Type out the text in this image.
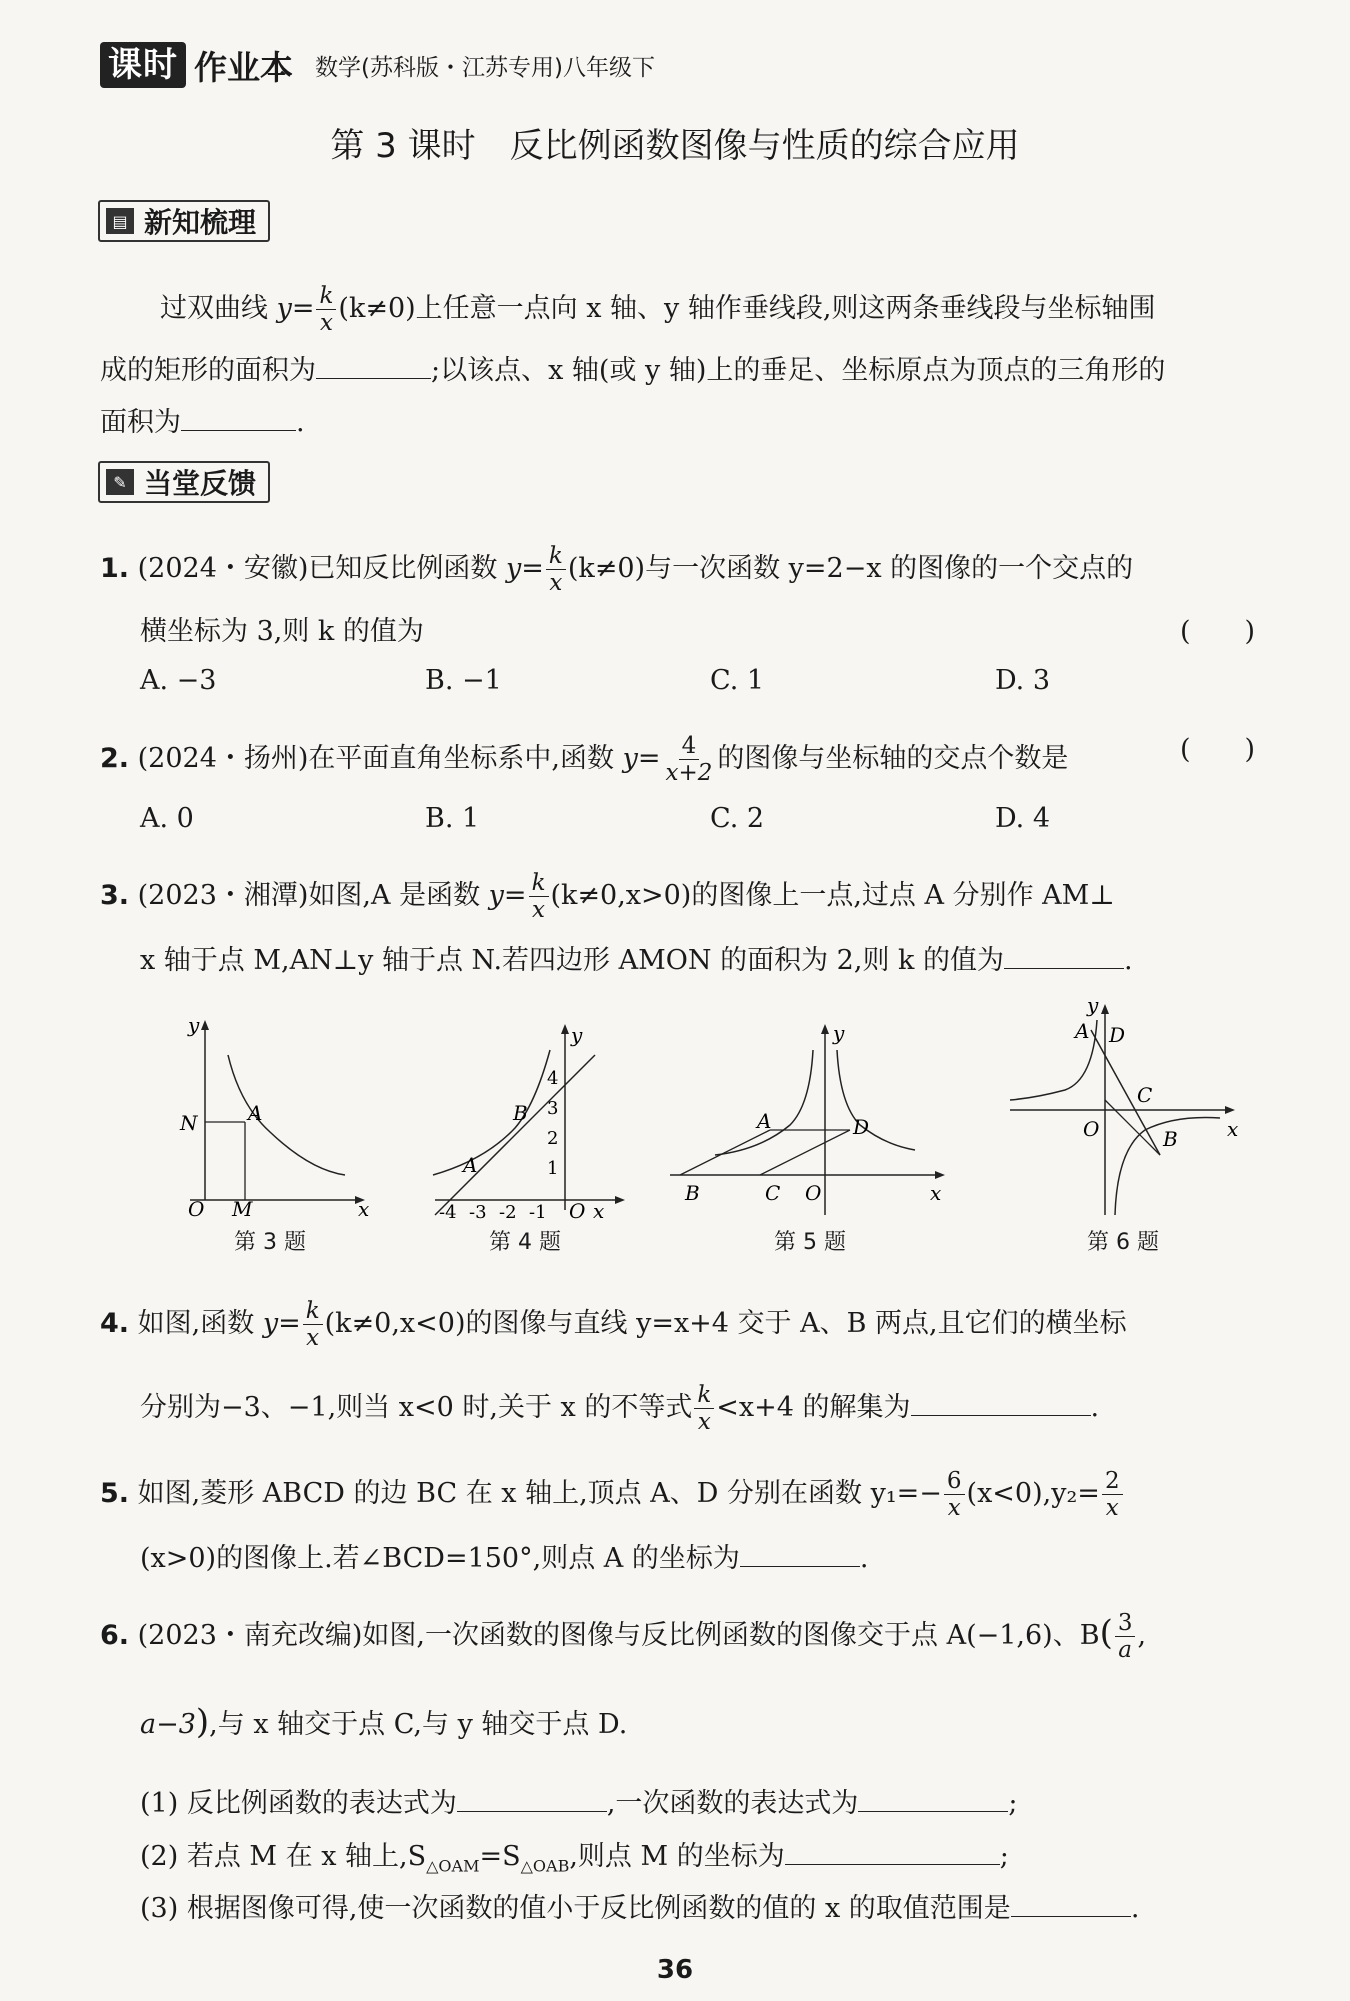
课时 作业本 数学(苏科版・江苏专用)八年级下
第 3 课时　反比例函数图像与性质的综合应用
▤ 新知梳理
过双曲线 $y= \frac{k}{x} (k\ne 0)$上任意一点向 x 轴、y 轴作垂线段,则这两条垂线段与坐标轴围
成的矩形的面积为	;以该点、x 轴(或 y 轴)上的垂足、坐标原点为顶点的三角形的
面积为	.
✎ 当堂反馈
1. (2024・安徽)已知反比例函数 $y= \frac{k}{x} (k\ne 0)$与一次函数 y=2−x 的图像的一个交点的
横坐标为 3,则 k 的值为	(　　)
A. −3	B. −1	C. 1	D. 3
2. (2024・扬州)在平面直角坐标系中,函数 $y= \frac{4}{x+2}$ 的图像与坐标轴的交点个数是	(　　)
A. 0	B. 1	C. 2	D. 4
3. (2023・湘潭)如图,A 是函数 $y= \frac{k}{x} (k\ne 0,x>0)$的图像上一点,过点 A 分别作 AM⊥
x 轴于点 M,AN⊥y 轴于点 N.若四边形 AMON 的面积为 2,则 k 的值为	.
y
N	A
O M	x
第 3 题
y
4
3
2
1
B
A
-4 -3 -2 -1 O x
第 4 题
y
A	D
B	C O	x
第 5 题
y
A D
C
O	B x
第 6 题
4. 如图,函数 $y= \frac{k}{x} (k\ne 0,x<0)$的图像与直线 y=x+4 交于 A、B 两点,且它们的横坐标
分别为−3、−1,则当 x<0 时,关于 x 的不等式 $\frac{k}{x} <x+4$ 的解集为	.
5. 如图,菱形 ABCD 的边 BC 在 x 轴上,顶点 A、D 分别在函数 $y_1=- \frac{6}{x} (x<0),y_2= \frac{2}{x}$
(x>0)的图像上.若∠BCD=150°,则点 A 的坐标为	.
6. (2023・南充改编)如图,一次函数的图像与反比例函数的图像交于点 A(−1,6)、$B( \frac{3}{a}$ ,
a−3),与 x 轴交于点 C,与 y 轴交于点 D.
(1) 反比例函数的表达式为	,一次函数的表达式为	;
(2) 若点 M 在 x 轴上$,S_{\triangle OAM}=S_{\triangle OAB}$,则点 M 的坐标为	;
(3) 根据图像可得,使一次函数的值小于反比例函数的值的 x 的取值范围是	.
36
